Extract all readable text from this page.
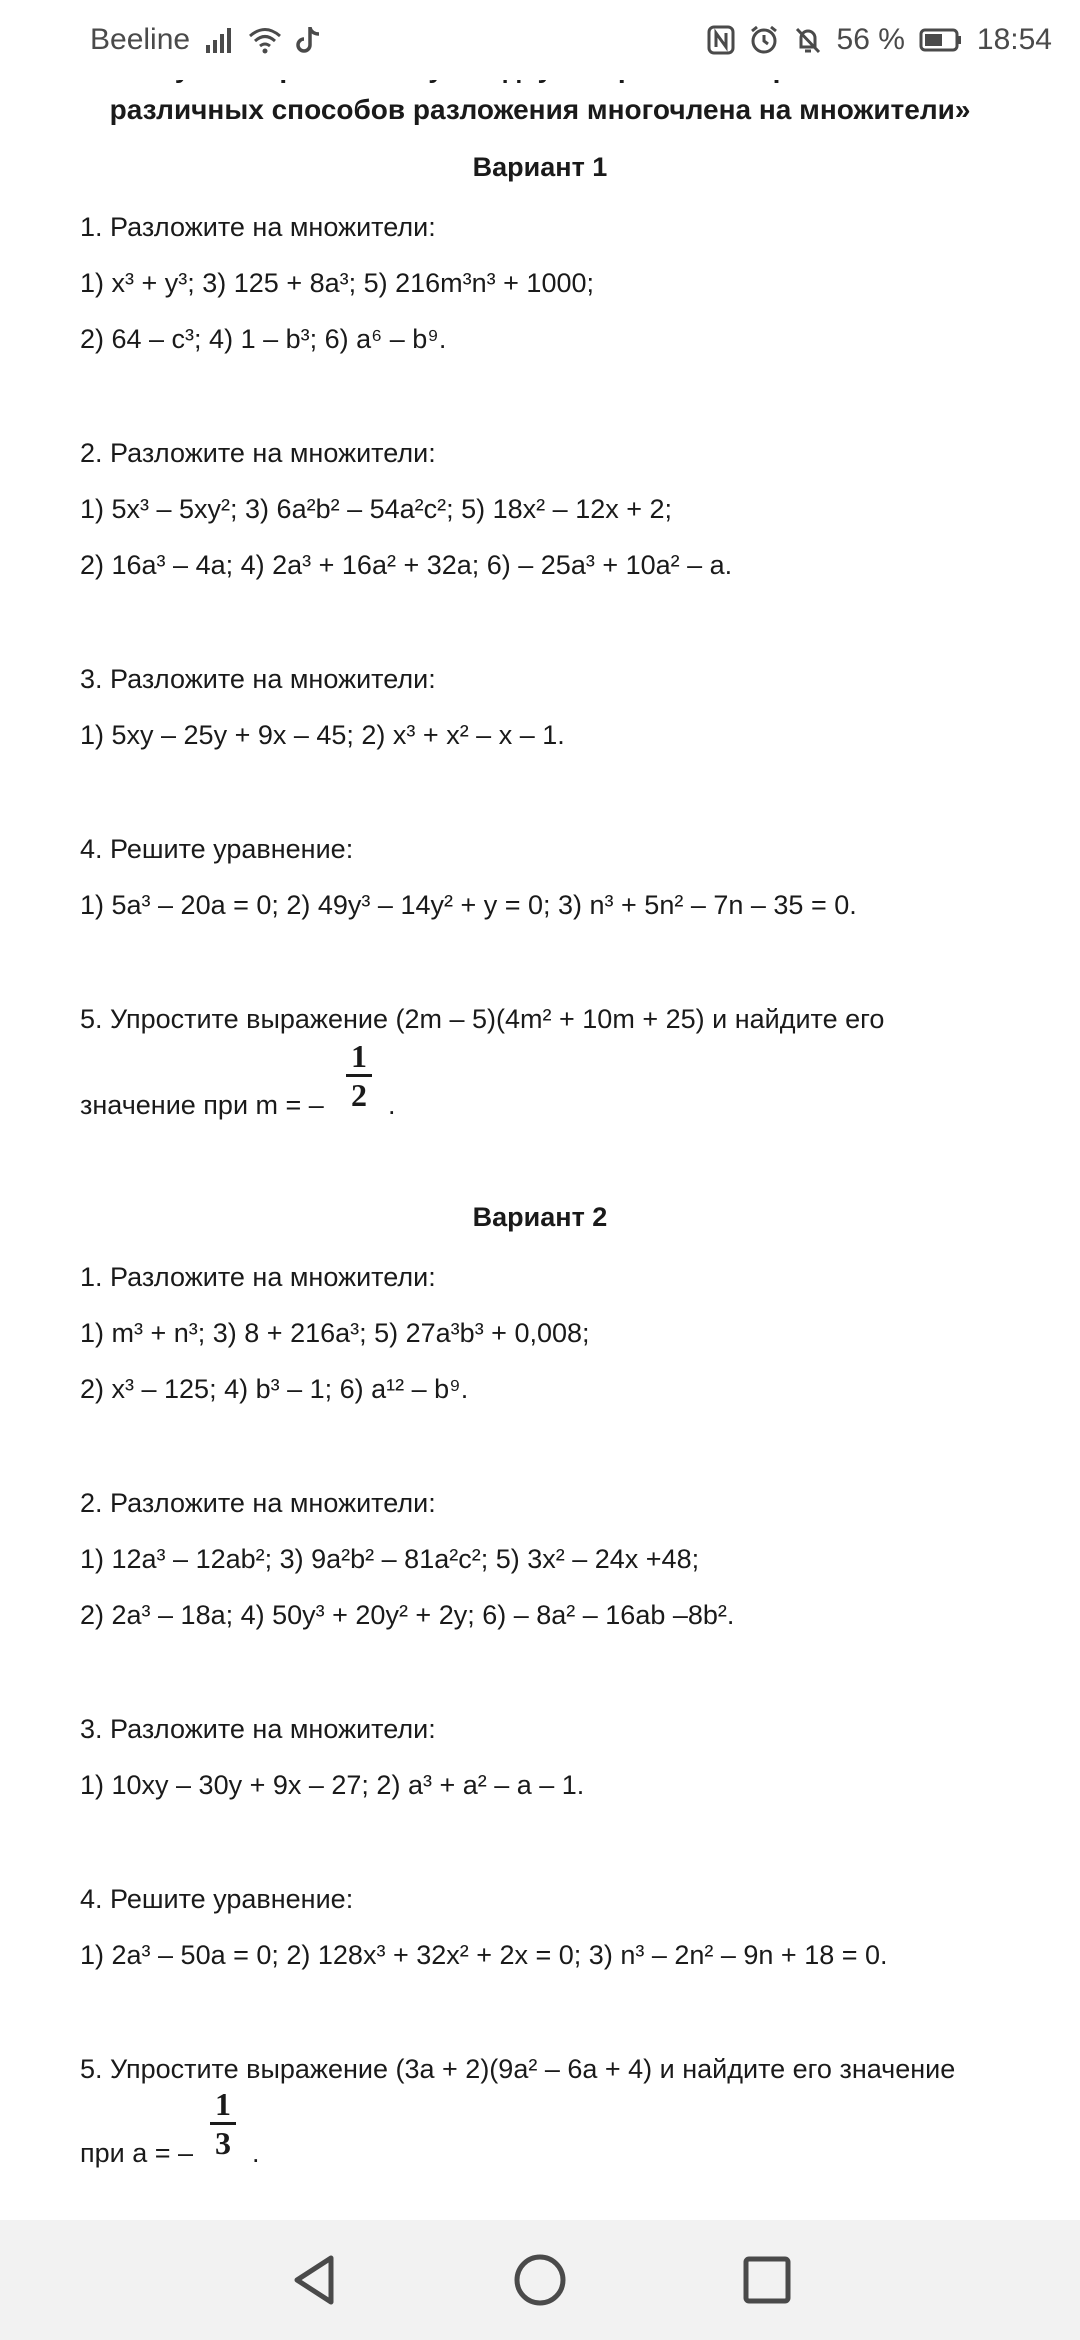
различных способов разложения многочлена на множители»
Вариант 1
1. Разложите на множители:
1) x³ + y³; 3) 125 + 8a³; 5) 216m³n³ + 1000;
2) 64 – c³; 4) 1 – b³; 6) a⁶ – b⁹.
2. Разложите на множители:
1) 5x³ – 5xy²; 3) 6a²b² – 54a²c²; 5) 18x² – 12x + 2;
2) 16a³ – 4a; 4) 2a³ + 16a² + 32a; 6) – 25a³ + 10a² – a.
3. Разложите на множители:
1) 5xy – 25y + 9x – 45; 2) x³ + x² – x – 1.
4. Решите уравнение:
1) 5a³ – 20a = 0; 2) 49y³ – 14y² + y = 0; 3) n³ + 5n² – 7n – 35 = 0.
5. Упростите выражение (2m – 5)(4m² + 10m + 25) и найдите его
значение при m = –
1
2 .
Вариант 2
1. Разложите на множители:
1) m³ + n³; 3) 8 + 216a³; 5) 27a³b³ + 0,008;
2) x³ – 125; 4) b³ – 1; 6) a¹² – b⁹.
2. Разложите на множители:
1) 12a³ – 12ab²; 3) 9a²b² – 81a²c²; 5) 3x² – 24x +48;
2) 2a³ – 18a; 4) 50y³ + 20y² + 2y; 6) – 8a² – 16ab –8b².
3. Разложите на множители:
1) 10xy – 30y + 9x – 27; 2) a³ + a² – a – 1.
4. Решите уравнение:
1) 2a³ – 50a = 0; 2) 128x³ + 32x² + 2x = 0; 3) n³ – 2n² – 9n + 18 = 0.
5. Упростите выражение (3a + 2)(9a² – 6a + 4) и найдите его значение
при a = –
1
3 .
Beeline	56 % 18:54
